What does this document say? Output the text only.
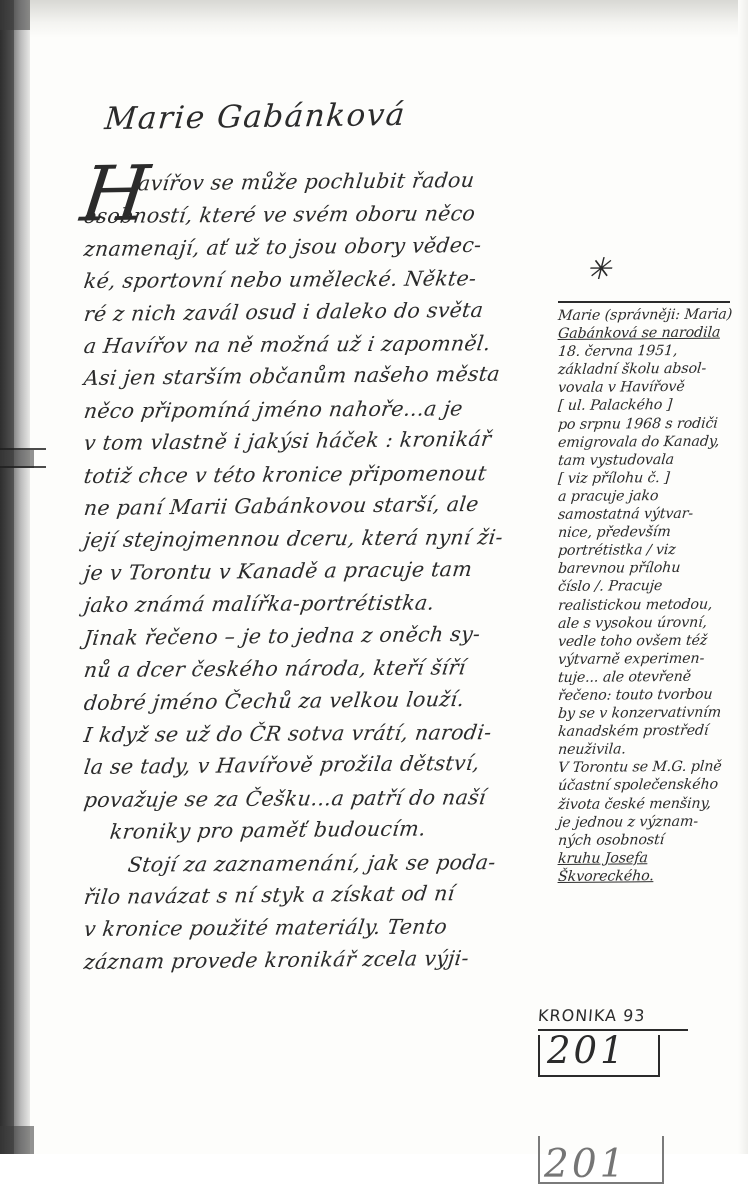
Marie Gabánková
H
avířov se může pochlubit řadou
osobností, které ve svém oboru něco
znamenají, ať už to jsou obory vědec-
ké, sportovní nebo umělecké. Něktе-
ré z nich zavál osud i daleko do světa
a Havířov na ně možná už i zapomněl.
Asi jen starším občanům našeho města
něco připomíná jméno nahoře...a je
v tom vlastně i jakýsi háček : kronikář
totiž chce v této kronice připomenout
ne paní Marii Gabánkovou starší, ale
její stejnojmennou dceru, která nyní ži-
je v Torontu v Kanadě a pracuje tam
jako známá malířka-portrétistka.
Jinak řečeno – je to jedna z oněch sy-
nů a dcer českého národa, kteří šíří
dobré jméno Čechů za velkou louží.
I když se už do ČR sotva vrátí, narodi-
la se tady, v Havířově prožila dětství,
považuje se za Češku...a patří do naší
kroniky pro paměť budoucím.
Stojí za zaznamenání, jak se poda-
řilo navázat s ní styk a získat od ní
v kronice použité materiály. Tento
záznam provede kronikář zcela výji-
✳
Marie (správněji: Maria)
Gabánková se narodila
18. června 1951,
základní školu absol-
vovala v Havířově
[ ul. Palackého ]
po srpnu 1968 s rodiči
emigrovala do Kanady,
tam vystudovala
[ viz přílohu č. ]
a pracuje jako
samostatná výtvar-
nice, především
portrétistka / viz
barevnou přílohu
číslo /. Pracuje
realistickou metodou,
ale s vysokou úrovní,
vedle toho ovšem též
výtvarně experimen-
tuje... ale otevřeně
řečeno: touto tvorbou
by se v konzervativním
kanadském prostředí
neuživila.
V Torontu se M.G. plně
účastní společenského
života české menšiny,
je jednou z význam-
ných osobností
kruhu Josefa
Škvoreckého.
KRONIKA 93
201
201
